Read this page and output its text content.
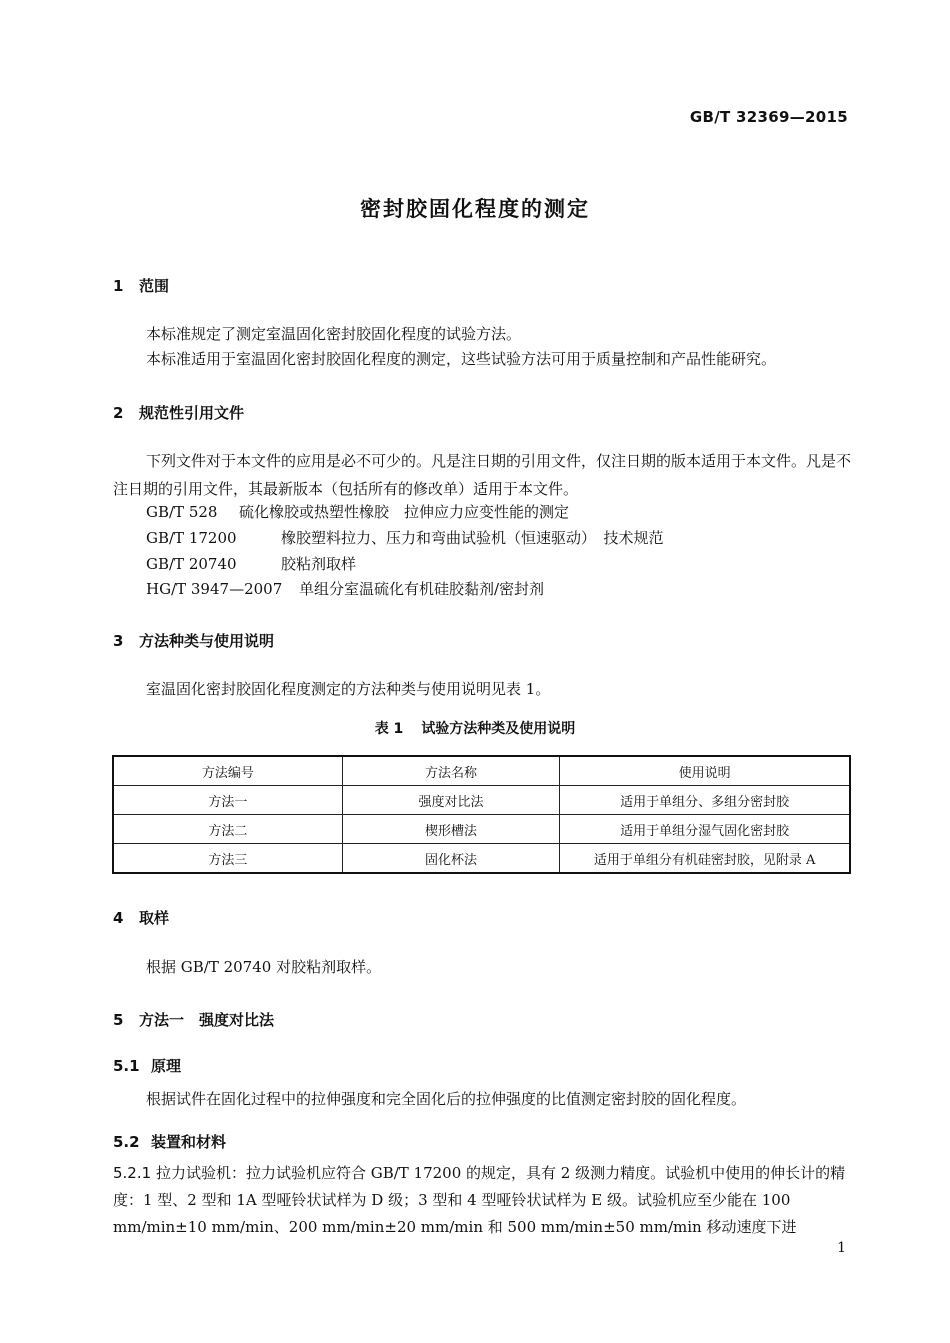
GB/T 32369—2015
密封胶固化程度的测定
1 范围
本标准规定了测定室温固化密封胶固化程度的试验方法。
本标准适用于室温固化密封胶固化程度的测定，这些试验方法可用于质量控制和产品性能研究。
2 规范性引用文件
下列文件对于本文件的应用是必不可少的。凡是注日期的引用文件，仅注日期的版本适用于本文件。凡是不注日期的引用文件，其最新版本（包括所有的修改单）适用于本文件。
GB/T 528 硫化橡胶或热塑性橡胶　拉伸应力应变性能的测定
GB/T 17200	橡胶塑料拉力、压力和弯曲试验机（恒速驱动）　技术规范
GB/T 20740	胶粘剂取样
HG/T 3947—2007 单组分室温硫化有机硅胶黏剂/密封剂
3 方法种类与使用说明
室温固化密封胶固化程度测定的方法种类与使用说明见表 1。
表 1 试验方法种类及使用说明
方法编号	方法名称	使用说明
方法一	强度对比法	适用于单组分、多组分密封胶
方法二	楔形槽法	适用于单组分湿气固化密封胶
方法三	固化杯法	适用于单组分有机硅密封胶，见附录 A
4 取样
根据 GB/T 20740 对胶粘剂取样。
5 方法一　强度对比法
5.1 原理
根据试件在固化过程中的拉伸强度和完全固化后的拉伸强度的比值测定密封胶的固化程度。
5.2 装置和材料
5.2.1 拉力试验机：拉力试验机应符合 GB/T 17200 的规定，具有 2 级测力精度。试验机中使用的伸长计的精度：1 型、2 型和 1A 型哑铃状试样为 D 级；3 型和 4 型哑铃状试样为 E 级。试验机应至少能在 100 mm/min±10 mm/min、200 mm/min±20 mm/min 和 500 mm/min±50 mm/min 移动速度下进
1
